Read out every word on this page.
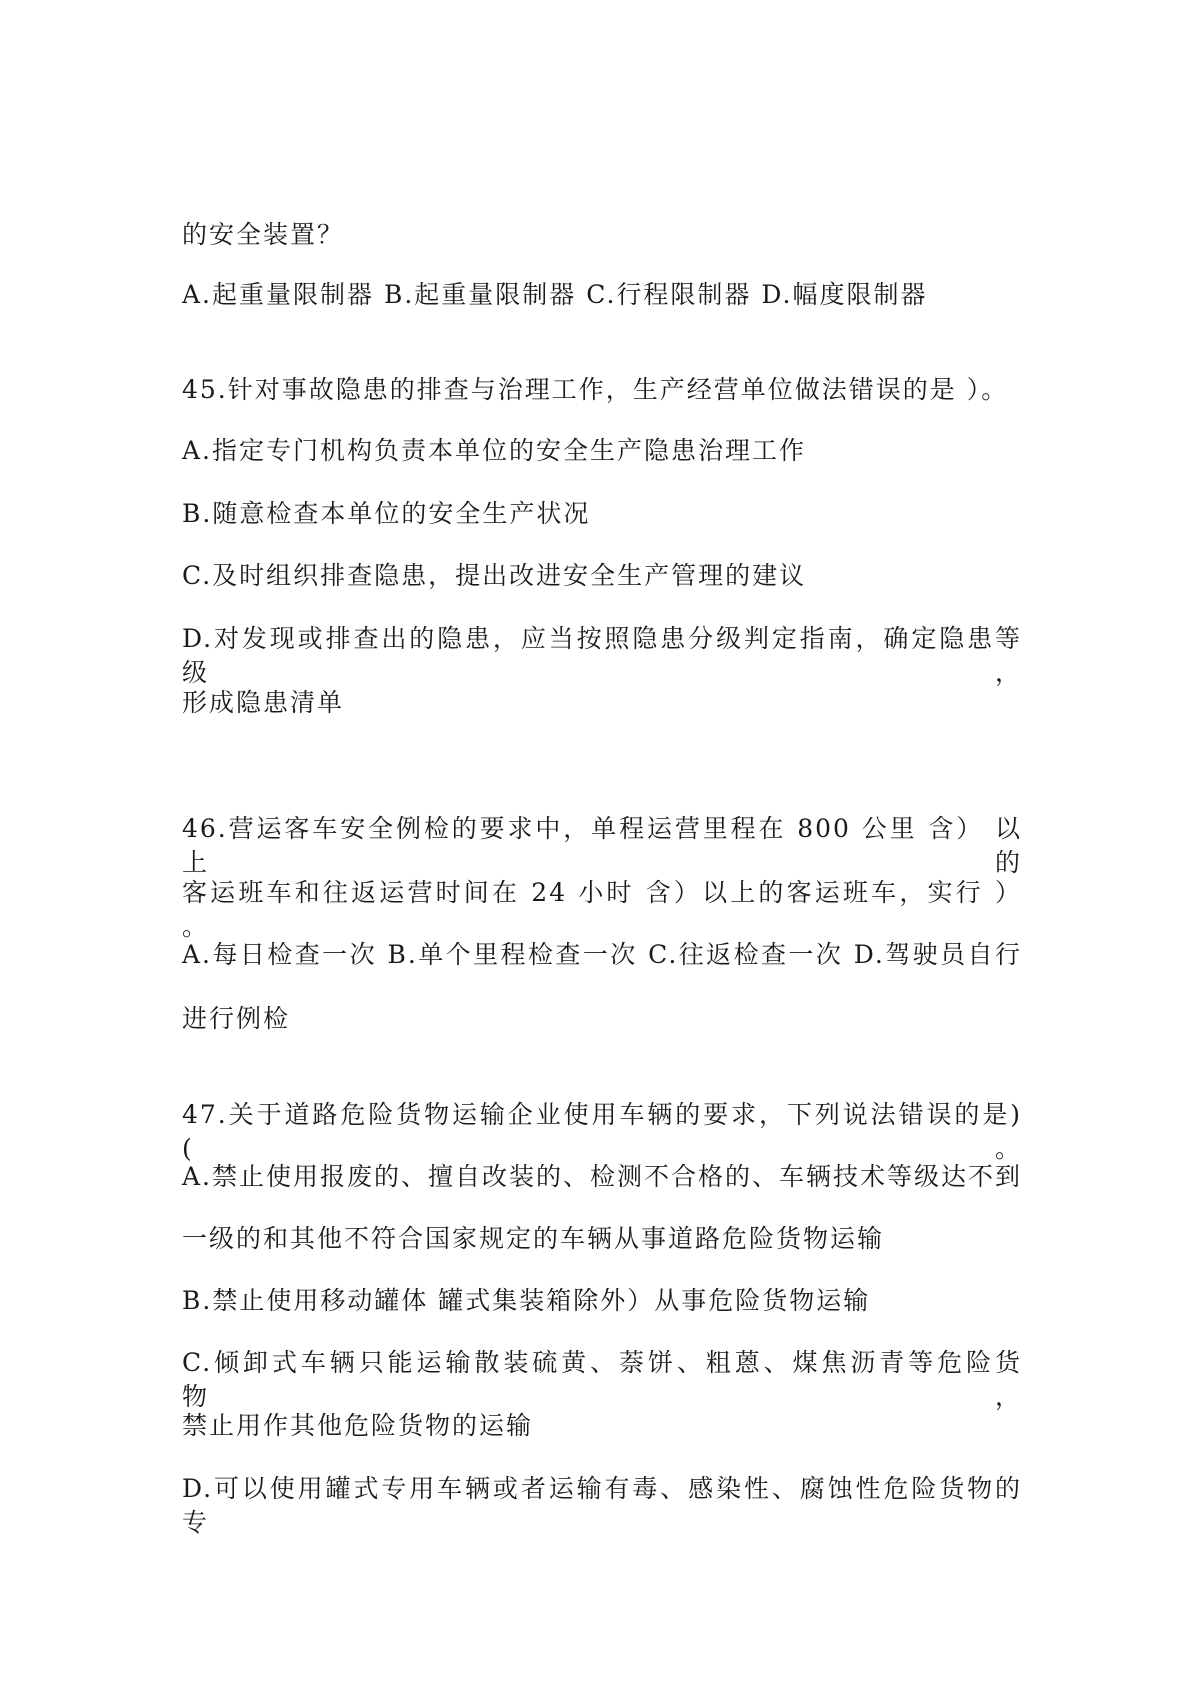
的安全装置？
A.起重量限制器 B.起重量限制器 C.行程限制器 D.幅度限制器
45.针对事故隐患的排查与治理工作，生产经营单位做法错误的是 ）。
A.指定专门机构负责本单位的安全生产隐患治理工作
B.随意检查本单位的安全生产状况
C.及时组织排查隐患，提出改进安全生产管理的建议
D.对发现或排查出的隐患，应当按照隐患分级判定指南，确定隐患等级，
形成隐患清单
46.营运客车安全例检的要求中，单程运营里程在 800 公里 含） 以上的
客运班车和往返运营时间在 24 小时 含）以上的客运班车，实行 ） 。
A.每日检查一次 B.单个里程检查一次 C.往返检查一次 D.驾驶员自行
进行例检
47.关于道路危险货物运输企业使用车辆的要求，下列说法错误的是)(。
A.禁止使用报废的、擅自改装的、检测不合格的、车辆技术等级达不到
一级的和其他不符合国家规定的车辆从事道路危险货物运输
B.禁止使用移动罐体 罐式集装箱除外）从事危险货物运输
C.倾卸式车辆只能运输散装硫黄、萘饼、粗蒽、煤焦沥青等危险货物，
禁止用作其他危险货物的运输
D.可以使用罐式专用车辆或者运输有毒、感染性、腐蚀性危险货物的专
